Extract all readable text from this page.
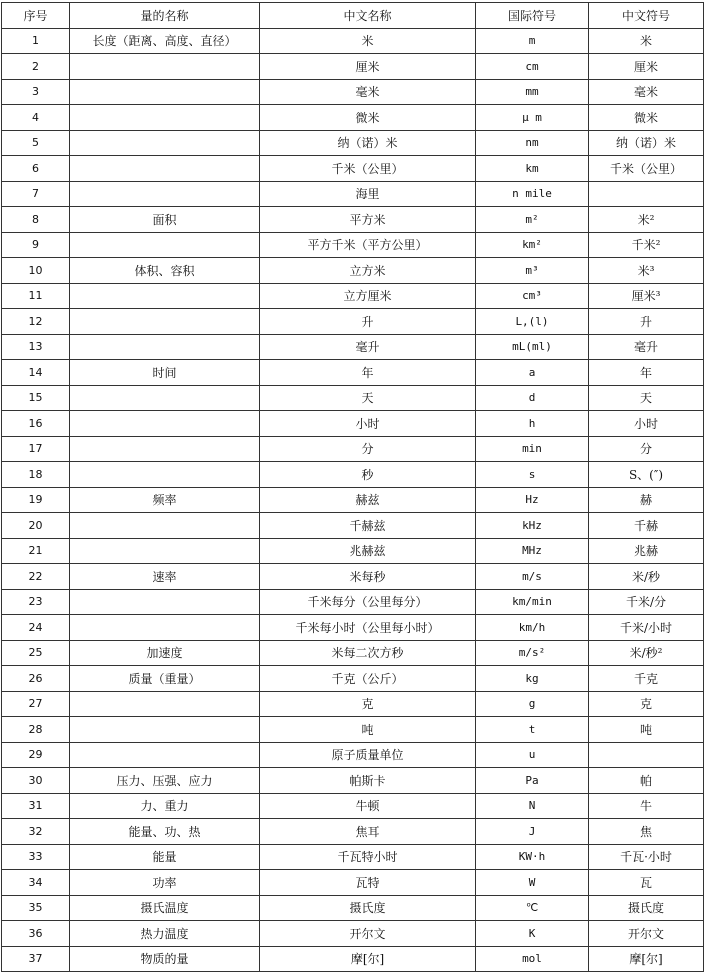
序号	量的名称	中文名称	国际符号	中文符号
1	长度（距离、高度、直径）	米	m	米
2		厘米	cm	厘米
3		毫米	mm	毫米
4		微米	μ m	微米
5		纳（诺）米	nm	纳（诺）米
6		千米（公里）	km	千米（公里）
7		海里	n mile	
8	面积	平方米	m²	米²
9		平方千米（平方公里）	km²	千米²
10	体积、容积	立方米	m³	米³
11		立方厘米	cm³	厘米³
12		升	L,(l)	升
13		毫升	mL(ml)	毫升
14	时间	年	a	年
15		天	d	天
16		小时	h	小时
17		分	min	分
18		秒	s	S、(″)
19	频率	赫兹	Hz	赫
20		千赫兹	kHz	千赫
21		兆赫兹	MHz	兆赫
22	速率	米每秒	m/s	米/秒
23		千米每分（公里每分）	km/min	千米/分
24		千米每小时（公里每小时）	km/h	千米/小时
25	加速度	米每二次方秒	m/s²	米/秒²
26	质量（重量）	千克（公斤）	kg	千克
27		克	g	克
28		吨	t	吨
29		原子质量单位	u	
30	压力、压强、应力	帕斯卡	Pa	帕
31	力、重力	牛顿	N	牛
32	能量、功、热	焦耳	J	焦
33	能量	千瓦特小时	KW·h	千瓦·小时
34	功率	瓦特	W	瓦
35	摄氏温度	摄氏度	℃	摄氏度
36	热力温度	开尔文	K	开尔文
37	物质的量	摩[尔]	mol	摩[尔]
